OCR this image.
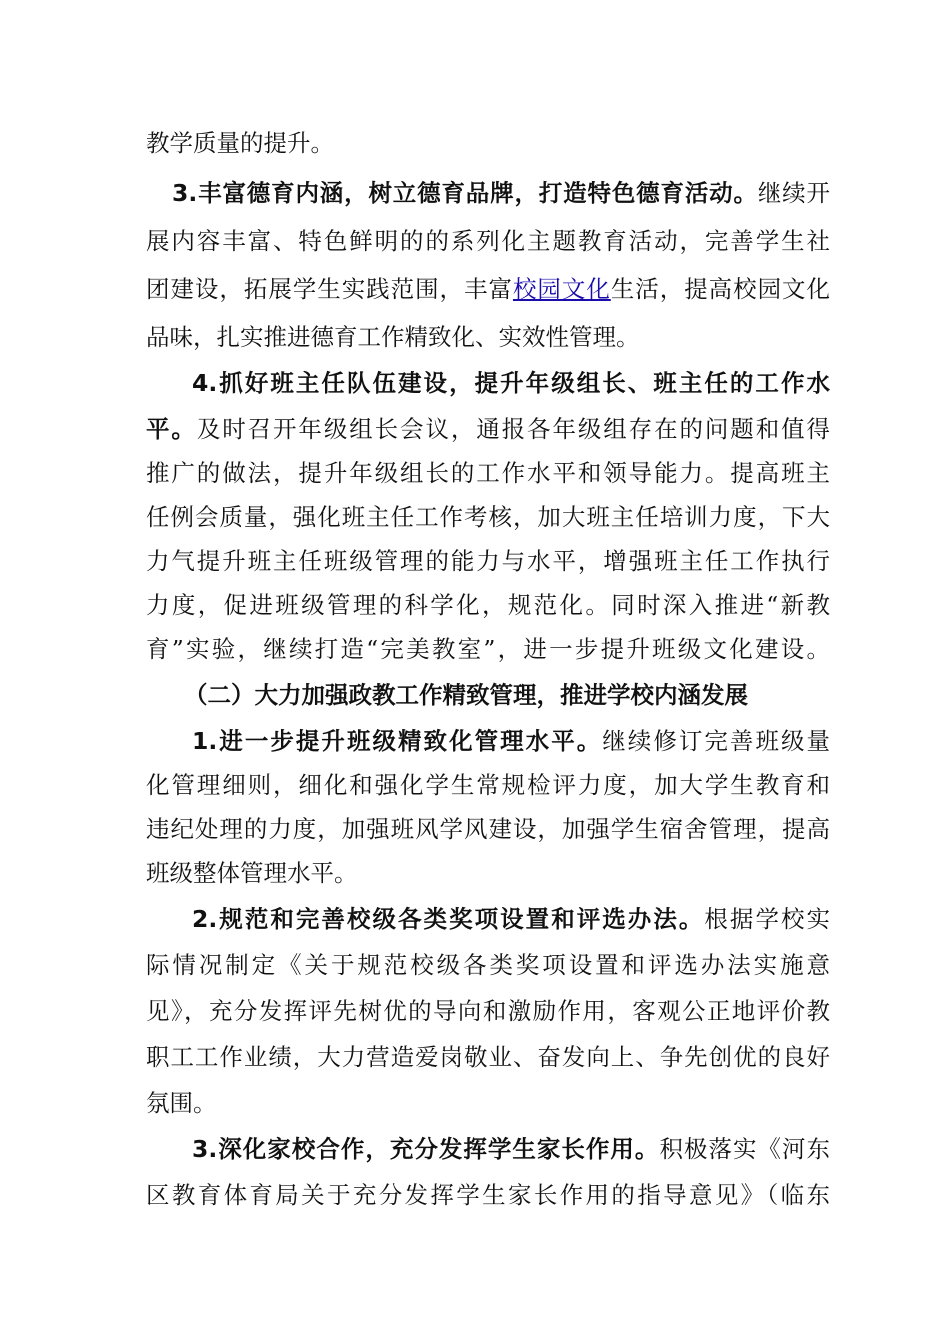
教学质量的提升。
3.丰富德育内涵，树立德育品牌，打造特色德育活动。继续开
展内容丰富、特色鲜明的的系列化主题教育活动，完善学生社
团建设，拓展学生实践范围，丰富校园文化生活，提高校园文化
品味，扎实推进德育工作精致化、实效性管理。
4.抓好班主任队伍建设，提升年级组长、班主任的工作水
平。及时召开年级组长会议，通报各年级组存在的问题和值得
推广的做法，提升年级组长的工作水平和领导能力。提高班主
任例会质量，强化班主任工作考核，加大班主任培训力度，下大
力气提升班主任班级管理的能力与水平，增强班主任工作执行
力度，促进班级管理的科学化，规范化。同时深入推进“新教
育”实验，继续打造“完美教室”，进一步提升班级文化建设。
（二）大力加强政教工作精致管理，推进学校内涵发展
1.进一步提升班级精致化管理水平。继续修订完善班级量
化管理细则，细化和强化学生常规检评力度，加大学生教育和
违纪处理的力度，加强班风学风建设，加强学生宿舍管理，提高
班级整体管理水平。
2.规范和完善校级各类奖项设置和评选办法。根据学校实
际情况制定《关于规范校级各类奖项设置和评选办法实施意
见》，充分发挥评先树优的导向和激励作用，客观公正地评价教
职工工作业绩，大力营造爱岗敬业、奋发向上、争先创优的良好
氛围。
3.深化家校合作，充分发挥学生家长作用。积极落实《河东
区教育体育局关于充分发挥学生家长作用的指导意见》（临东
